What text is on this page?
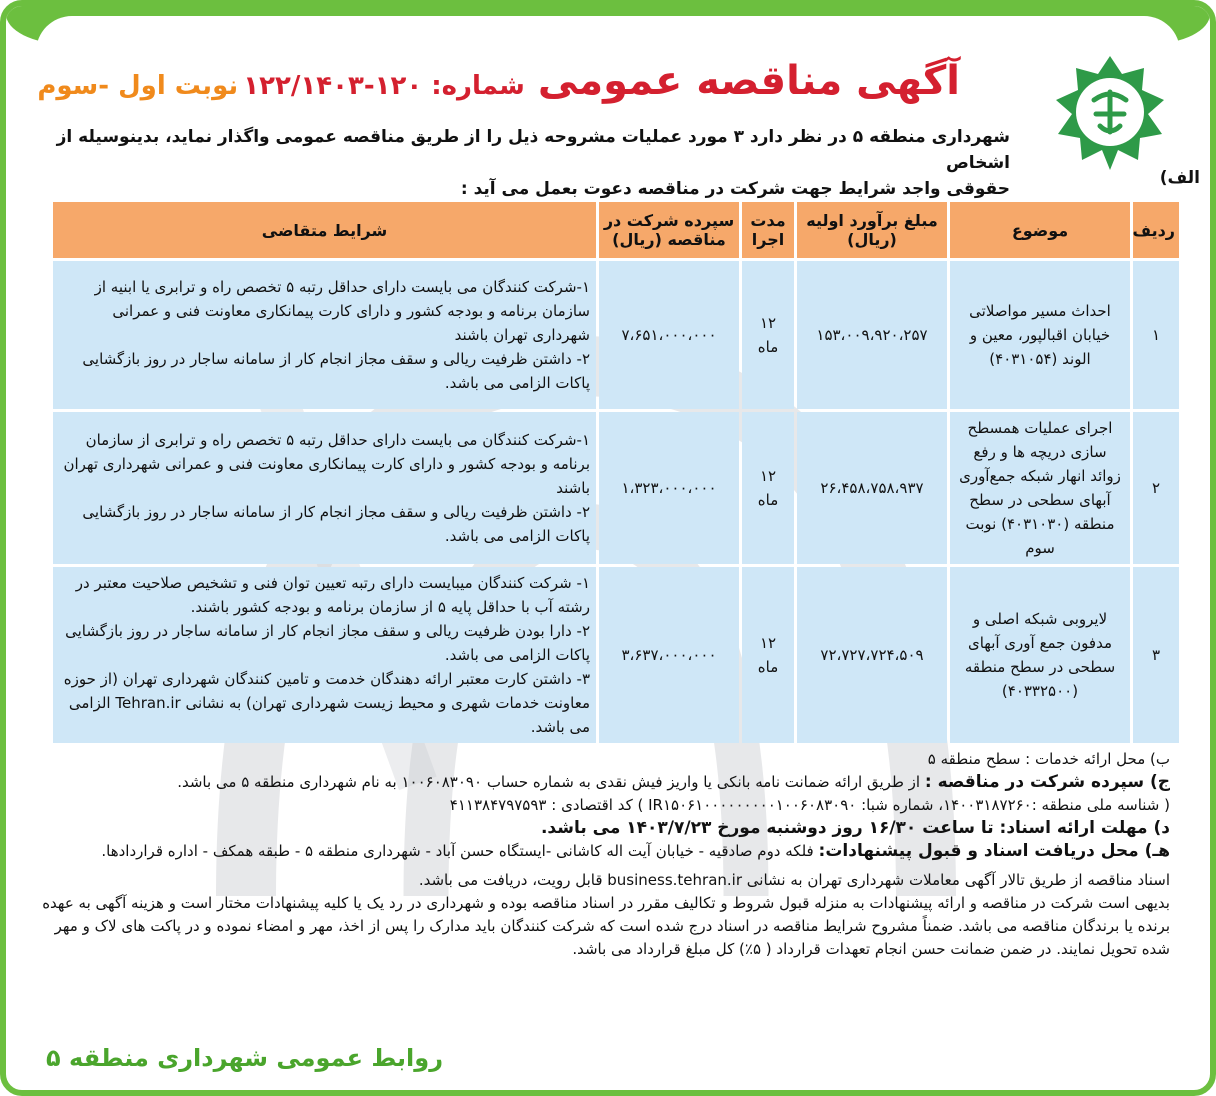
آگهی مناقصه عمومی شماره: ۱۲۰-۱۲۲/۱۴۰۳ نوبت اول -سوم
شهرداری منطقه ۵ در نظر دارد ۳ مورد عملیات مشروحه ذیل را از طریق مناقصه عمومی واگذار نماید، بدینوسیله از اشخاص
حقوقی واجد شرایط جهت شرکت در مناقصه دعوت بعمل می آید :
الف)
ردیف	موضوع	مبلغ برآورد اولیه (ریال)	مدت اجرا	سپرده شرکت در مناقصه (ریال)	شرایط متقاضی
۱	احداث مسیر مواصلاتی خیابان اقبالپور، معین و الوند (۴۰۳۱۰۵۴)	۱۵۳،۰۰۹،۹۲۰،۲۵۷	۱۲ ماه	۷،۶۵۱،۰۰۰،۰۰۰	۱-شرکت کنندگان می بایست دارای حداقل رتبه ۵ تخصص راه و ترابری یا ابنیه از سازمان برنامه و بودجه کشور و دارای کارت پیمانکاری معاونت فنی و عمرانی شهرداری تهران باشند

۲- داشتن ظرفیت ریالی و سقف مجاز انجام کار از سامانه ساجار در روز بازگشایی پاکات الزامی می باشد.

۲	اجرای عملیات همسطح سازی دریچه ها و رفع زوائد انهار شبکه جمع‌آوری آبهای سطحی در سطح منطقه (۴۰۳۱۰۳۰) نوبت سوم	۲۶،۴۵۸،۷۵۸،۹۳۷	۱۲ ماه	۱،۳۲۳،۰۰۰،۰۰۰	۱-شرکت کنندگان می بایست دارای حداقل رتبه ۵ تخصص راه و ترابری از سازمان برنامه و بودجه کشور و دارای کارت پیمانکاری معاونت فنی و عمرانی شهرداری تهران باشند

۲- داشتن ظرفیت ریالی و سقف مجاز انجام کار از سامانه ساجار در روز بازگشایی پاکات الزامی می باشد.

۳	لایروبی شبکه اصلی و مدفون جمع آوری آبهای سطحی در سطح منطقه (۴۰۳۳۲۵۰۰)	۷۲،۷۲۷،۷۲۴،۵۰۹	۱۲ ماه	۳،۶۳۷،۰۰۰،۰۰۰	۱- شرکت کنندگان میبایست دارای رتبه تعیین توان فنی و تشخیص صلاحیت معتبر در رشته آب با حداقل پایه ۵ از سازمان برنامه و بودجه کشور باشند.

۲- دارا بودن ظرفیت ریالی و سقف مجاز انجام کار از سامانه ساجار در روز بازگشایی پاکات الزامی می باشد.

۳- داشتن کارت معتبر ارائه دهندگان خدمت و تامین کنندگان شهرداری تهران (از حوزه معاونت خدمات شهری و محیط زیست شهرداری تهران) به نشانی Tehran.ir الزامی می باشد.

ب) محل ارائه خدمات : سطح منطقه ۵

ج) سپرده شرکت در مناقصه : از طریق ارائه ضمانت نامه بانکی یا واریز فیش نقدی به شماره حساب ۱۰۰۶۰۸۳۰۹۰ به نام شهرداری منطقه ۵ می باشد.

( شناسه ملی منطقه :۱۴۰۰۳۱۸۷۲۶۰، شماره شبا: IR۱۵۰۶۱۰۰۰۰۰۰۰۰۰۱۰۰۶۰۸۳۰۹۰ ) کد اقتصادی : ۴۱۱۳۸۴۷۹۷۵۹۳

د) مهلت ارائه اسناد: تا ساعت ۱۶/۳۰ روز دوشنبه مورخ ۱۴۰۳/۷/۲۳ می باشد.

هـ) محل دریافت اسناد و قبول پیشنهادات: فلکه دوم صادقیه - خیابان آیت اله کاشانی -ایستگاه حسن آباد - شهرداری منطقه ۵ - طبقه همکف - اداره قراردادها.

اسناد مناقصه از طریق تالار آگهی معاملات شهرداری تهران به نشانی business.tehran.ir قابل رویت، دریافت می باشد.

بدیهی است شرکت در مناقصه و ارائه پیشنهادات به منزله قبول شروط و تکالیف مقرر در اسناد مناقصه بوده و شهرداری در رد یک یا کلیه پیشنهادات مختار است و هزینه آگهی به عهده برنده یا برندگان مناقصه می باشد. ضمناً مشروح شرایط مناقصه در اسناد درج شده است که شرکت کنندگان باید مدارک را پس از اخذ، مهر و امضاء نموده و در پاکت های لاک و مهر شده تحویل نمایند. در ضمن ضمانت حسن انجام تعهدات قرارداد ( ۵٪) کل مبلغ قرارداد می باشد.

روابط عمومی شهرداری منطقه ۵
